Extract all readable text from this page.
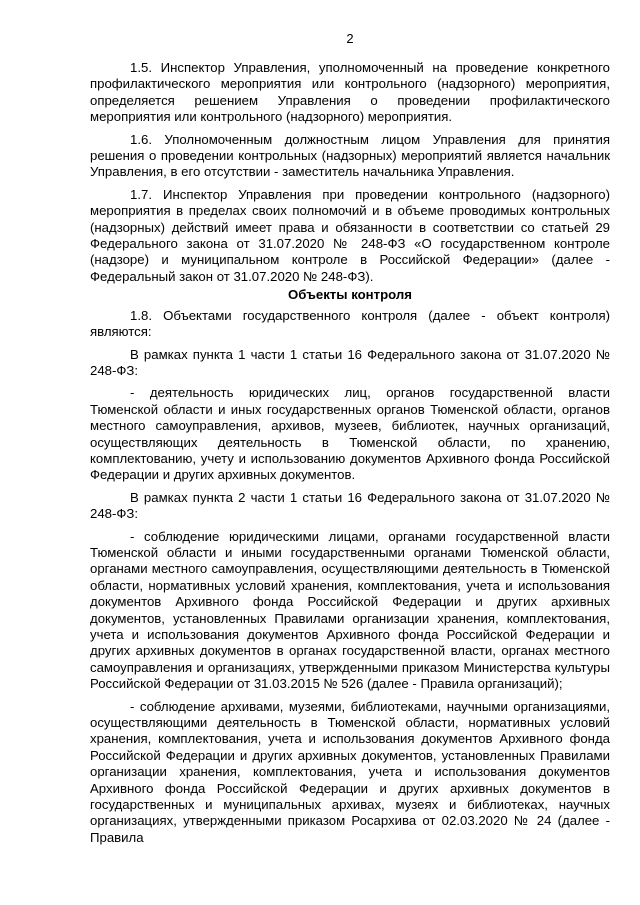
2

1.5. Инспектор Управления, уполномоченный на проведение конкретного профилактического мероприятия или контрольного (надзорного) мероприятия, определяется решением Управления о проведении профилактического мероприятия или контрольного (надзорного) мероприятия.

1.6. Уполномоченным должностным лицом Управления для принятия решения о проведении контрольных (надзорных) мероприятий является начальник Управления, в его отсутствии - заместитель начальника Управления.

1.7. Инспектор Управления при проведении контрольного (надзорного) мероприятия в пределах своих полномочий и в объеме проводимых контрольных (надзорных) действий имеет права и обязанности в соответствии со статьей 29 Федерального закона от 31.07.2020 № 248-ФЗ «О государственном контроле (надзоре) и муниципальном контроле в Российской Федерации» (далее - Федеральный закон от 31.07.2020 № 248-ФЗ).

Объекты контроля

1.8. Объектами государственного контроля (далее - объект контроля) являются:

В рамках пункта 1 части 1 статьи 16 Федерального закона от 31.07.2020 № 248-ФЗ:

- деятельность юридических лиц, органов государственной власти Тюменской области и иных государственных органов Тюменской области, органов местного самоуправления, архивов, музеев, библиотек, научных организаций, осуществляющих деятельность в Тюменской области, по хранению, комплектованию, учету и использованию документов Архивного фонда Российской Федерации и других архивных документов.

В рамках пункта 2 части 1 статьи 16 Федерального закона от 31.07.2020 № 248-ФЗ:

- соблюдение юридическими лицами, органами государственной власти Тюменской области и иными государственными органами Тюменской области, органами местного самоуправления, осуществляющими деятельность в Тюменской области, нормативных условий хранения, комплектования, учета и использования документов Архивного фонда Российской Федерации и других архивных документов, установленных Правилами организации хранения, комплектования, учета и использования документов Архивного фонда Российской Федерации и других архивных документов в органах государственной власти, органах местного самоуправления и организациях, утвержденными приказом Министерства культуры Российской Федерации от 31.03.2015 № 526 (далее - Правила организаций);

- соблюдение архивами, музеями, библиотеками, научными организациями, осуществляющими деятельность в Тюменской области, нормативных условий хранения, комплектования, учета и использования документов Архивного фонда Российской Федерации и других архивных документов, установленных Правилами организации хранения, комплектования, учета и использования документов Архивного фонда Российской Федерации и других архивных документов в государственных и муниципальных архивах, музеях и библиотеках, научных организациях, утвержденными приказом Росархива от 02.03.2020 № 24 (далее - Правила
